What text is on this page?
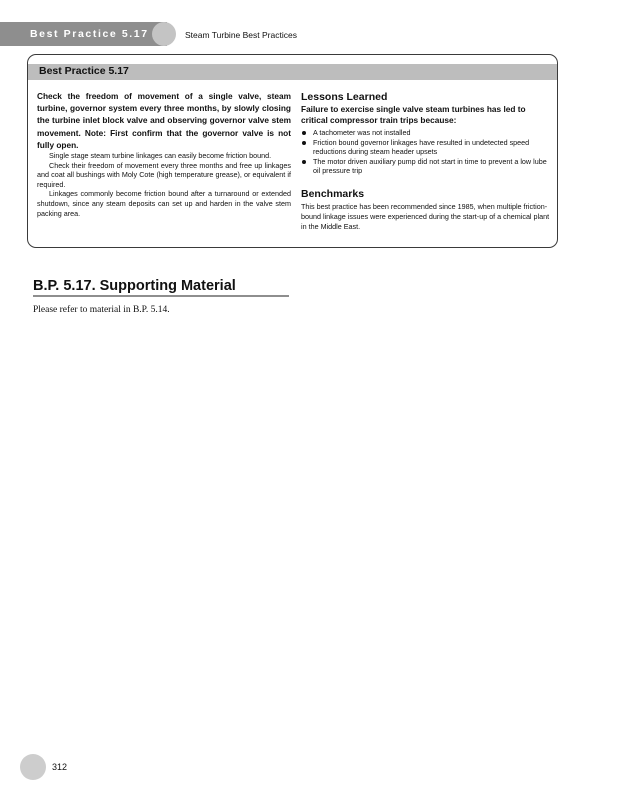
Best Practice 5.17	Steam Turbine Best Practices
Best Practice 5.17

Check the freedom of movement of a single valve, steam turbine, governor system every three months, by slowly closing the turbine inlet block valve and observing governor valve stem movement. Note: First confirm that the governor valve is not fully open.

Single stage steam turbine linkages can easily become friction bound.

Check their freedom of movement every three months and free up linkages and coat all bushings with Moly Cote (high temperature grease), or equivalent if required.

Linkages commonly become friction bound after a turnaround or extended shutdown, since any steam deposits can set up and harden in the valve stem packing area.

Lessons Learned
Failure to exercise single valve steam turbines has led to critical compressor train trips because:
A tachometer was not installed
Friction bound governor linkages have resulted in undetected speed reductions during steam header upsets
The motor driven auxiliary pump did not start in time to prevent a low lube oil pressure trip
Benchmarks

This best practice has been recommended since 1985, when multiple friction-bound linkage issues were experienced during the start-up of a chemical plant in the Middle East.

B.P. 5.17. Supporting Material
Please refer to material in B.P. 5.14.
312
